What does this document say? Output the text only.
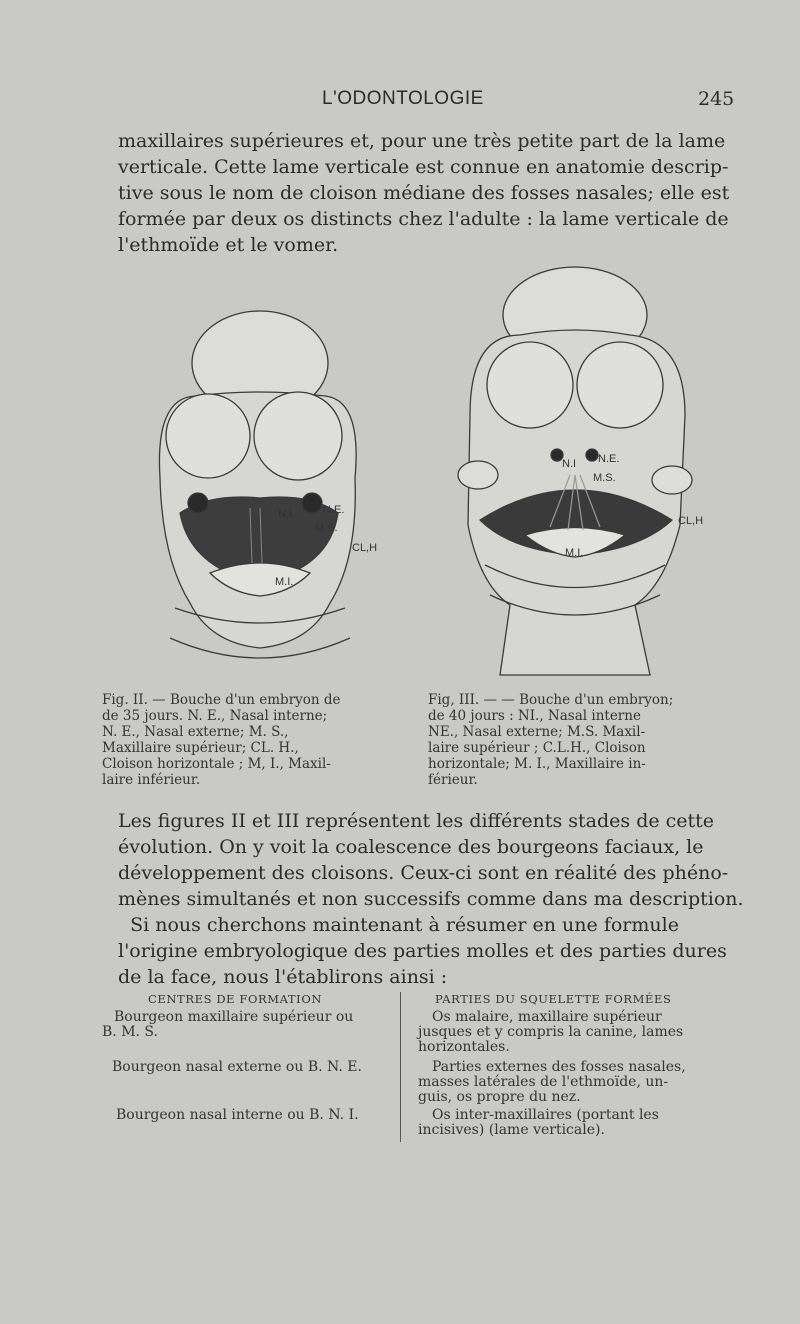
L'ODONTOLOGIE	245

maxillaires supérieures et, pour une très petite part de la lame
verticale. Cette lame verticale est connue en anatomie descrip-
tive sous le nom de cloison médiane des fosses nasales; elle est
formée par deux os distincts chez l'adulte : la lame verticale de
l'ethmoïde et le vomer.

N.I.	N.E.
M.S.
CL,H
M.I.
N.I N.E.
M.S.
CL,H
M.I.
Fig. II. — Bouche d'un embryon de
de 35 jours. N. E., Nasal interne;
N. E., Nasal externe; M. S.,
Maxillaire supérieur; CL. H.,
Cloison horizontale ; M, I., Maxil-
laire inférieur.
Fig, III. — — Bouche d'un embryon;
de 40 jours : NI., Nasal interne
NE., Nasal externe; M.S. Maxil-
laire supérieur ; C.L.H., Cloison
horizontale; M. I., Maxillaire in-
férieur.

Les figures II et III représentent les différents stades de cette
évolution. On y voit la coalescence des bourgeons faciaux, le
développement des cloisons. Ceux-ci sont en réalité des phéno-
mènes simultanés et non successifs comme dans ma description.
Si nous cherchons maintenant à résumer en une formule
l'origine embryologique des parties molles et des parties dures
de la face, nous l'établirons ainsi :

CENTRES DE FORMATION	PARTIES DU SQUELETTE FORMÉES
Bourgeon maxillaire supérieur ou
B. M. S.
Os malaire, maxillaire supérieur
jusques et y compris la canine, lames
horizontales.
Bourgeon nasal externe ou B. N. E.	Parties externes des fosses nasales,
masses latérales de l'ethmoïde, un-
guis, os propre du nez.
Bourgeon nasal interne ou B. N. I.	Os inter-maxillaires (portant les
incisives) (lame verticale).
